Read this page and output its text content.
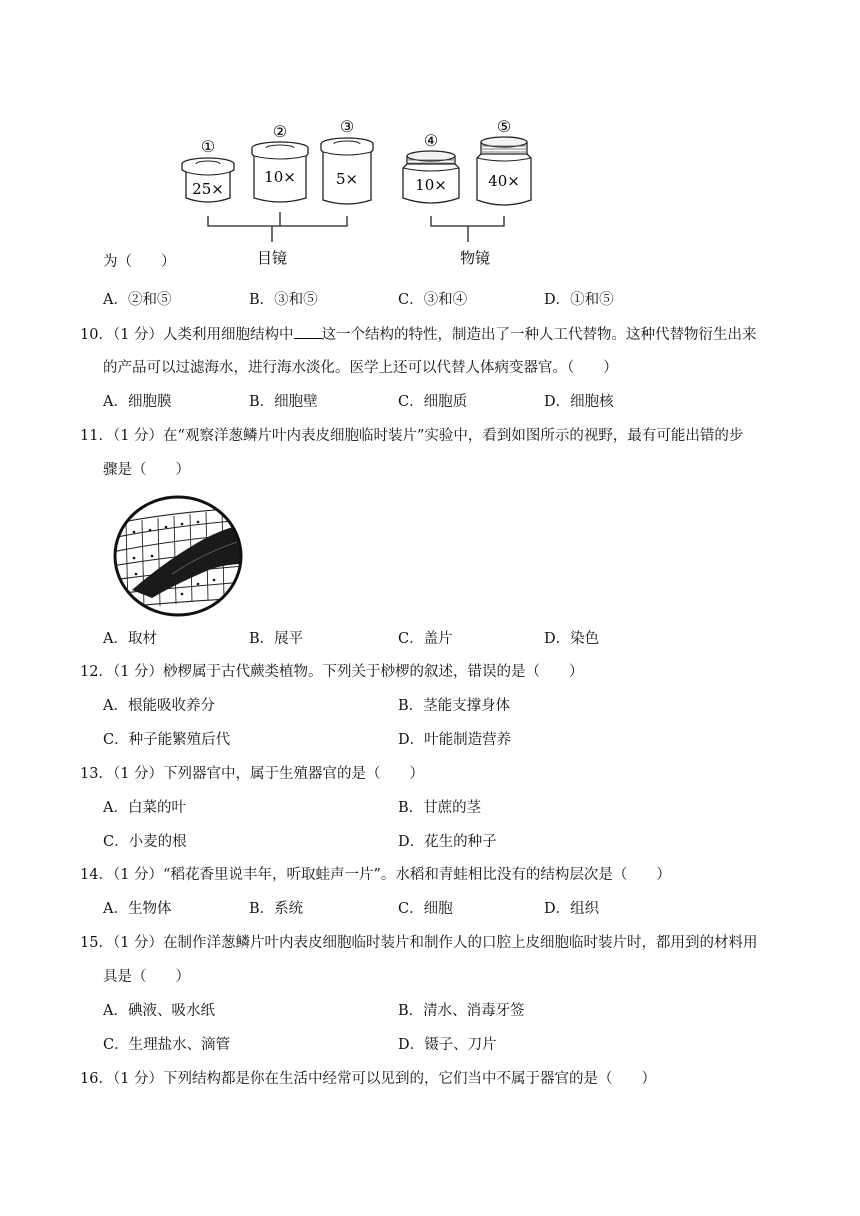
①
25×
②
10×
③
5×
④
10×
⑤
40×
目镜	物镜
为（　　）
A．②和⑤	B．③和⑤	C．③和④	D．①和⑤
10．（1 分）人类利用细胞结构中 这一个结构的特性，制造出了一种人工代替物。这种代替物衍生出来
的产品可以过滤海水，进行海水淡化。医学上还可以代替人体病变器官。（　　）
A．细胞膜	B．细胞壁	C．细胞质	D．细胞核
11．（1 分）在“观察洋葱鳞片叶内表皮细胞临时装片”实验中，看到如图所示的视野，最有可能出错的步
骤是（　　）
A．取材	B．展平	C．盖片	D．染色
12．（1 分）桫椤属于古代蕨类植物。下列关于桫椤的叙述，错误的是（　　）
A．根能吸收养分	B．茎能支撑身体
C．种子能繁殖后代	D．叶能制造营养
13．（1 分）下列器官中，属于生殖器官的是（　　）
A．白菜的叶	B．甘蔗的茎
C．小麦的根	D．花生的种子
14．（1 分）“稻花香里说丰年，听取蛙声一片”。水稻和青蛙相比没有的结构层次是（　　）
A．生物体	B．系统	C．细胞	D．组织
15．（1 分）在制作洋葱鳞片叶内表皮细胞临时装片和制作人的口腔上皮细胞临时装片时，都用到的材料用
具是（　　）
A．碘液、吸水纸	B．清水、消毒牙签
C．生理盐水、滴管	D．镊子、刀片
16．（1 分）下列结构都是你在生活中经常可以见到的，它们当中不属于器官的是（　　）
